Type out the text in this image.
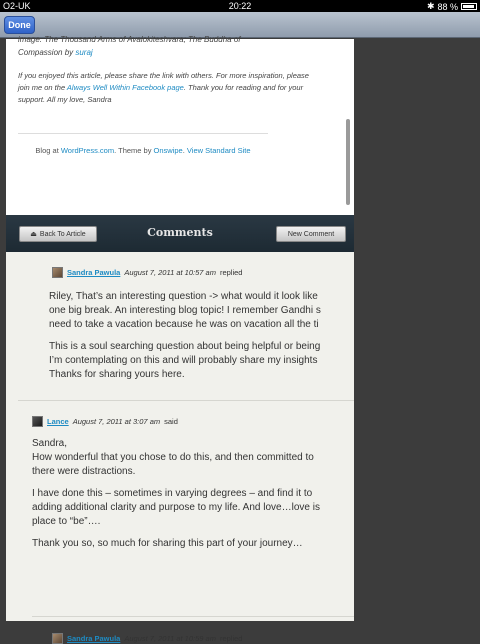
O2-UK	20:22	✱ 88 %
Done
image. The Thousand Arms of Avalokiteshvara; The Buddha of
Compassion by suraj
If you enjoyed this article, please share the link with others. For more inspiration, please join me on the Always Well Within Facebook page. Thank you for reading and for your support. All my love, Sandra
Blog at WordPress.com. Theme by Onswipe. View Standard Site
⏏ Back To Article	Comments	New Comment
Sandra Pawula August 7, 2011 at 10:57 am replied

Riley, That’s an interesting question -> what would it look like
one big break. An interesting blog topic! I remember Gandhi s
need to take a vacation because he was on vacation all the ti

This is a soul searching question about being helpful or being
I’m contemplating on this and will probably share my insights
Thanks for sharing yours here.

Lance August 7, 2011 at 3:07 am said

Sandra,
How wonderful that you chose to do this, and then committed to
there were distractions.

I have done this – sometimes in varying degrees – and find it to
adding additional clarity and purpose to my life. And love…love is
place to “be”….

Thank you so, so much for sharing this part of your journey…

Sandra Pawula August 7, 2011 at 10:59 am replied
